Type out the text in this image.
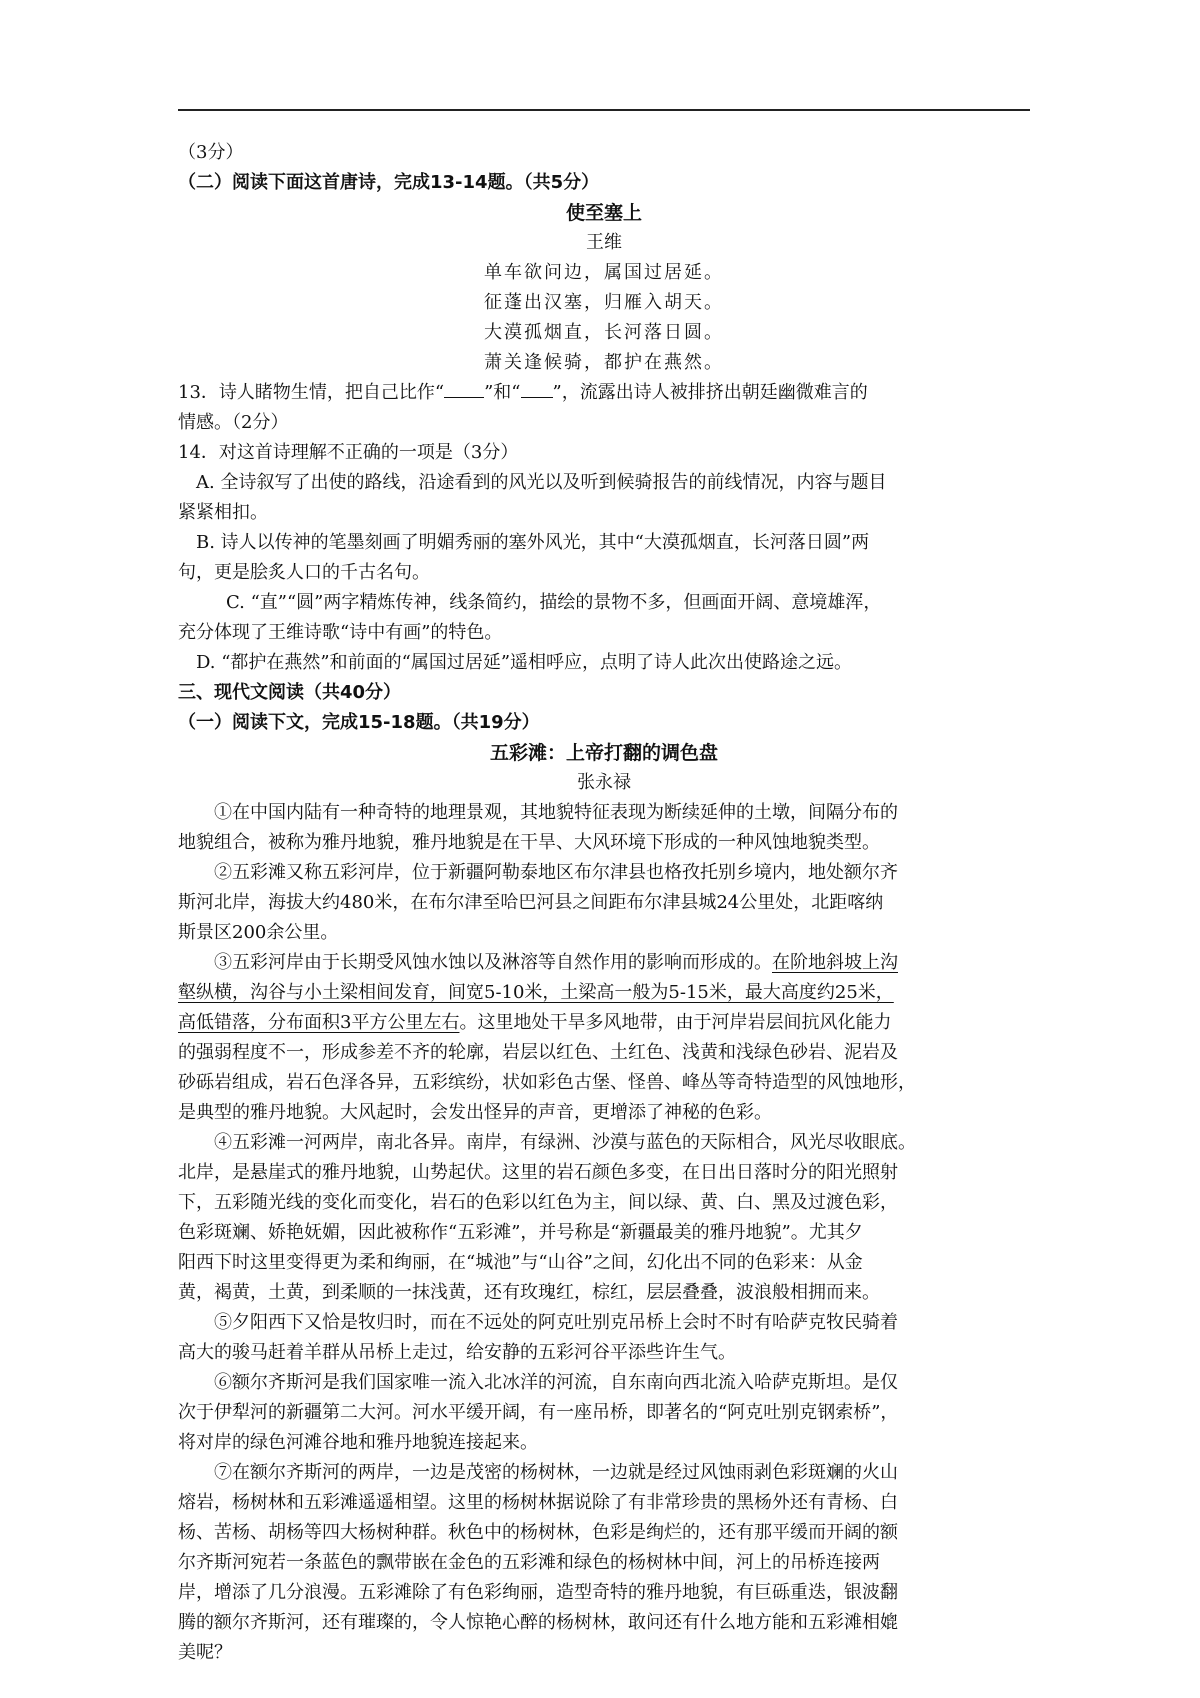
（3分）
（二）阅读下面这首唐诗，完成13-14题。（共5分）
使至塞上
王维
单车欲问边，属国过居延。
征蓬出汉塞，归雁入胡天。
大漠孤烟直，长河落日圆。
萧关逢候骑，都护在燕然。
13．诗人睹物生情，把自己比作“ ”和“ ”，流露出诗人被排挤出朝廷幽微难言的
情感。（2分）
14．对这首诗理解不正确的一项是（3分）
A. 全诗叙写了出使的路线，沿途看到的风光以及听到候骑报告的前线情况，内容与题目
紧紧相扣。
B. 诗人以传神的笔墨刻画了明媚秀丽的塞外风光，其中“大漠孤烟直，长河落日圆”两
句，更是脍炙人口的千古名句。
C. “直”“圆”两字精炼传神，线条简约，描绘的景物不多，但画面开阔、意境雄浑，
充分体现了王维诗歌“诗中有画”的特色。
D. “都护在燕然”和前面的“属国过居延”遥相呼应，点明了诗人此次出使路途之远。
三、现代文阅读（共40分）
（一）阅读下文，完成15-18题。（共19分）
五彩滩：上帝打翻的调色盘
张永禄
①在中国内陆有一种奇特的地理景观，其地貌特征表现为断续延伸的土墩，间隔分布的
地貌组合，被称为雅丹地貌，雅丹地貌是在干旱、大风环境下形成的一种风蚀地貌类型。
②五彩滩又称五彩河岸，位于新疆阿勒泰地区布尔津县也格孜托别乡境内，地处额尔齐
斯河北岸，海拔大约480米，在布尔津至哈巴河县之间距布尔津县城24公里处，北距喀纳
斯景区200余公里。
③五彩河岸由于长期受风蚀水蚀以及淋溶等自然作用的影响而形成的。在阶地斜坡上沟
壑纵横，沟谷与小土梁相间发育，间宽5-10米，土梁高一般为5-15米，最大高度约25米，
高低错落，分布面积3平方公里左右。这里地处干旱多风地带，由于河岸岩层间抗风化能力
的强弱程度不一，形成参差不齐的轮廓，岩层以红色、土红色、浅黄和浅绿色砂岩、泥岩及
砂砾岩组成，岩石色泽各异，五彩缤纷，状如彩色古堡、怪兽、峰丛等奇特造型的风蚀地形，
是典型的雅丹地貌。大风起时，会发出怪异的声音，更增添了神秘的色彩。
④五彩滩一河两岸，南北各异。南岸，有绿洲、沙漠与蓝色的天际相合，风光尽收眼底。
北岸，是悬崖式的雅丹地貌，山势起伏。这里的岩石颜色多变，在日出日落时分的阳光照射
下，五彩随光线的变化而变化，岩石的色彩以红色为主，间以绿、黄、白、黑及过渡色彩，
色彩斑斓、娇艳妩媚，因此被称作“五彩滩”，并号称是“新疆最美的雅丹地貌”。尤其夕
阳西下时这里变得更为柔和绚丽，在“城池”与“山谷”之间，幻化出不同的色彩来：从金
黄，褐黄，土黄，到柔顺的一抹浅黄，还有玫瑰红，棕红，层层叠叠，波浪般相拥而来。
⑤夕阳西下又恰是牧归时，而在不远处的阿克吐别克吊桥上会时不时有哈萨克牧民骑着
高大的骏马赶着羊群从吊桥上走过，给安静的五彩河谷平添些许生气。
⑥额尔齐斯河是我们国家唯一流入北冰洋的河流，自东南向西北流入哈萨克斯坦。是仅
次于伊犁河的新疆第二大河。河水平缓开阔，有一座吊桥，即著名的“阿克吐别克钢索桥”，
将对岸的绿色河滩谷地和雅丹地貌连接起来。
⑦在额尔齐斯河的两岸，一边是茂密的杨树林，一边就是经过风蚀雨剥色彩斑斓的火山
熔岩，杨树林和五彩滩遥遥相望。这里的杨树林据说除了有非常珍贵的黑杨外还有青杨、白
杨、苦杨、胡杨等四大杨树种群。秋色中的杨树林，色彩是绚烂的，还有那平缓而开阔的额
尔齐斯河宛若一条蓝色的飘带嵌在金色的五彩滩和绿色的杨树林中间，河上的吊桥连接两
岸，增添了几分浪漫。五彩滩除了有色彩绚丽，造型奇特的雅丹地貌，有巨砾重迭，银波翻
腾的额尔齐斯河，还有璀璨的，令人惊艳心醉的杨树林，敢问还有什么地方能和五彩滩相媲
美呢？
